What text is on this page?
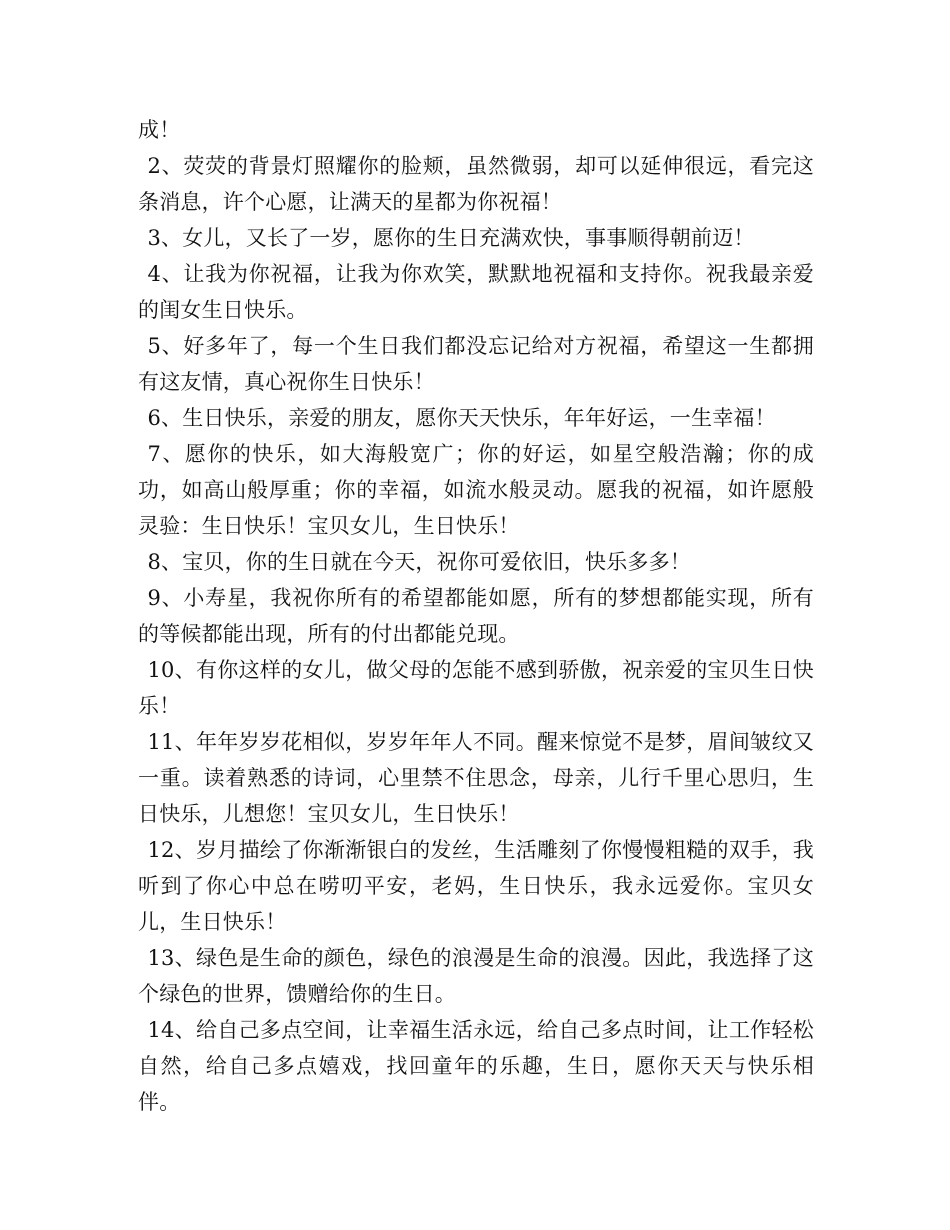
成！

2、荧荧的背景灯照耀你的脸颊，虽然微弱，却可以延伸很远，看完这条消息，许个心愿，让满天的星都为你祝福！

3、女儿，又长了一岁，愿你的生日充满欢快，事事顺得朝前迈！

4、让我为你祝福，让我为你欢笑，默默地祝福和支持你。祝我最亲爱的闺女生日快乐。

5、好多年了，每一个生日我们都没忘记给对方祝福，希望这一生都拥有这友情，真心祝你生日快乐！

6、生日快乐，亲爱的朋友，愿你天天快乐，年年好运，一生幸福！

7、愿你的快乐，如大海般宽广；你的好运，如星空般浩瀚；你的成功，如高山般厚重；你的幸福，如流水般灵动。愿我的祝福，如许愿般灵验：生日快乐！宝贝女儿，生日快乐！

8、宝贝，你的生日就在今天，祝你可爱依旧，快乐多多！

9、小寿星，我祝你所有的希望都能如愿，所有的梦想都能实现，所有的等候都能出现，所有的付出都能兑现。

10、有你这样的女儿，做父母的怎能不感到骄傲，祝亲爱的宝贝生日快乐！

11、年年岁岁花相似，岁岁年年人不同。醒来惊觉不是梦，眉间皱纹又一重。读着熟悉的诗词，心里禁不住思念，母亲，儿行千里心思归，生日快乐，儿想您！宝贝女儿，生日快乐！

12、岁月描绘了你渐渐银白的发丝，生活雕刻了你慢慢粗糙的双手，我听到了你心中总在唠叨平安，老妈，生日快乐，我永远爱你。宝贝女儿，生日快乐！

13、绿色是生命的颜色，绿色的浪漫是生命的浪漫。因此，我选择了这个绿色的世界，馈赠给你的生日。

14、给自己多点空间，让幸福生活永远，给自己多点时间，让工作轻松自然，给自己多点嬉戏，找回童年的乐趣，生日，愿你天天与快乐相伴。
